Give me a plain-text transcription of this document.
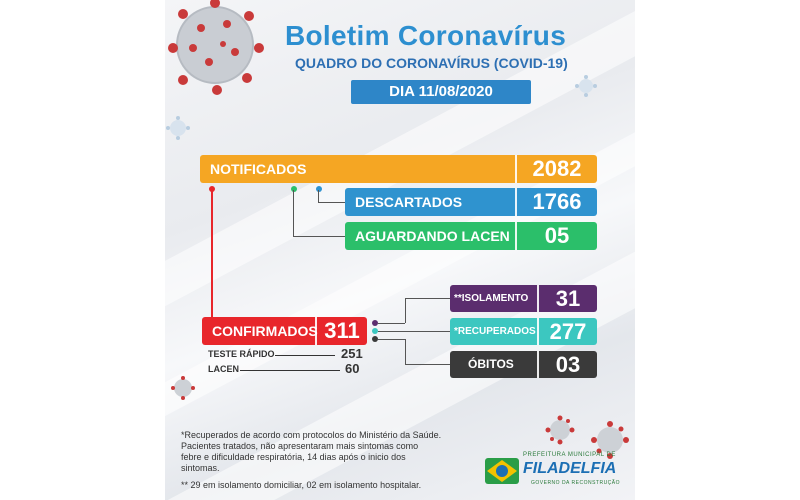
Boletim Coronavírus
QUADRO DO CORONAVÍRUS (COVID-19)
DIA 11/08/2020
NOTIFICADOS	2082
DESCARTADOS	1766
AGUARDANDO LACEN	05
CONFIRMADOS 311
TESTE RÁPIDO	251
LACEN	60
**ISOLAMENTO	31
*RECUPERADOS 277
ÓBITOS	03
*Recuperados de acordo com protocolos do Ministério da Saúde.
Pacientes tratados, não apresentaram mais sintomas como
febre e dificuldade respiratória, 14 dias após o inicio dos
sintomas.
** 29 em isolamento domiciliar, 02 em isolamento hospitalar.
PREFEITURA MUNICIPAL DE
FILADELFIA
GOVERNO DA RECONSTRUÇÃO
